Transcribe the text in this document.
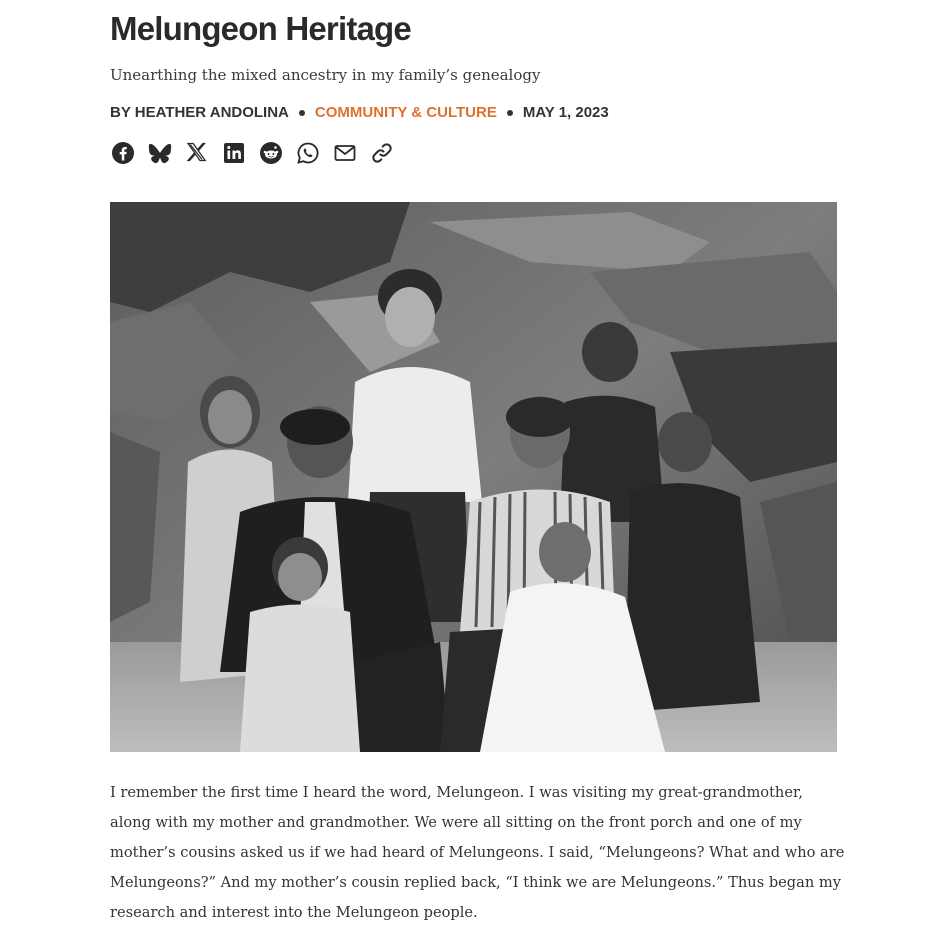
Melungeon Heritage
Unearthing the mixed ancestry in my family’s genealogy
BY HEATHER ANDOLINA COMMUNITY & CULTURE MAY 1, 2023

I remember the first time I heard the word, Melungeon. I was visiting my great-grandmother, along with my mother and grandmother. We were all sitting on the front porch and one of my mother’s cousins asked us if we had heard of Melungeons. I said, “Melungeons? What and who are Melungeons?” And my mother’s cousin replied back, “I think we are Melungeons.” Thus began my research and interest into the Melungeon people.
